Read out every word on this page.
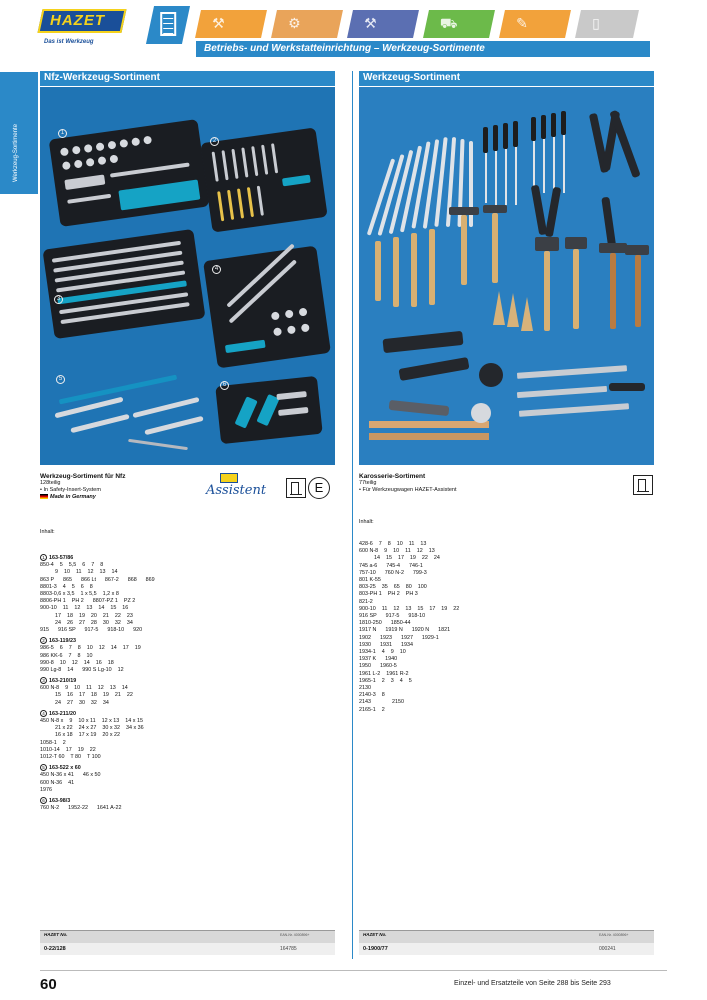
HAZET
Das ist Werkzeug
⚒	⚙	⚒	⛟	✎	▯
Betriebs- und Werkstatteinrichtung – Werkzeug-Sortimente
Werkzeug-Sortimente
Nfz-Werkzeug-Sortiment
1
2
3
4
5
6
Werkzeug-Sortiment für Nfz
128teilig
• In Safety-Insert-System
Made in Germany	Assistent	E

Inhalt:

1 163-57/86
850-4    5    5,5    6    7    8
9    10    11    12    13    14
863 P      865      866 Lt      867-2      868      869
8801-3    4    5    6    8
8803-0,6 x 3,5    1 x 5,5    1,2 x 8
8806-PH 1    PH 2      8807-PZ 1    PZ 2
900-10    11    12    13    14    15    16
17    18    19    20    21    22    23
24    26    27    28    30    32    34
915      916 SP      917-5      918-10      920
2 163-119/23
986-5    6    7    8    10    12    14    17    19
986 KK-6    7    8    10
990-8    10    12    14    16    18
990 Lg-8    14      990 S Lg-10    12
3 163-210/19
600 N-8    9    10    11    12    13    14
15    16    17    18    19    21    22
24    27    30    32    34
4 163-211/20
450 N-8 x    9    10 x 11    12 x 13    14 x 15
21 x 22    24 x 27    30 x 32    34 x 36
16 x 18    17 x 19    20 x 22
1058-1    2
1010-14    17    19    22
1012-T 60    T 80    T 100
5 163-522 x 60
450 N-36 x 41      46 x 50
600 N-36    41
1976
6 163-98/3
760 N-2      1952-22      1641 A-22

Werkzeug-Sortiment
Karosserie-Sortiment
77teilig
• Für Werkzeugwagen HAZET-Assistent

Inhalt:

428-6    7    8    10    11    13
600 N-8    9    10    11    12    13
14    15    17    19    22    24
745 a-6      745-4      746-1
757-10      760 N-2      799-3
801 K-55
803-25    35    65    80    100
803-PH 1    PH 2    PH 3
821-2
900-10    11    12    13    15    17    19    22
916 SP      917-5      918-10
1810-250      1850-44
1917 N      1919 N      1920 N      1821
1902      1923      1927      1929-1
1930      1931      1934
1934-1    4    9    10
1937 K      1940
1950      1960-5
1961 L-2    1961 R-2
1965-1    2    3    4    5
2130
2140-3    8
2143              2150
2165-1    2

HAZET No.	EAN-Nr. 4000896+
0-22/128	164785
HAZET No.	EAN-Nr. 4000896+
0-1900/77	000241
60	Einzel- und Ersatzteile von Seite 288 bis Seite 293
